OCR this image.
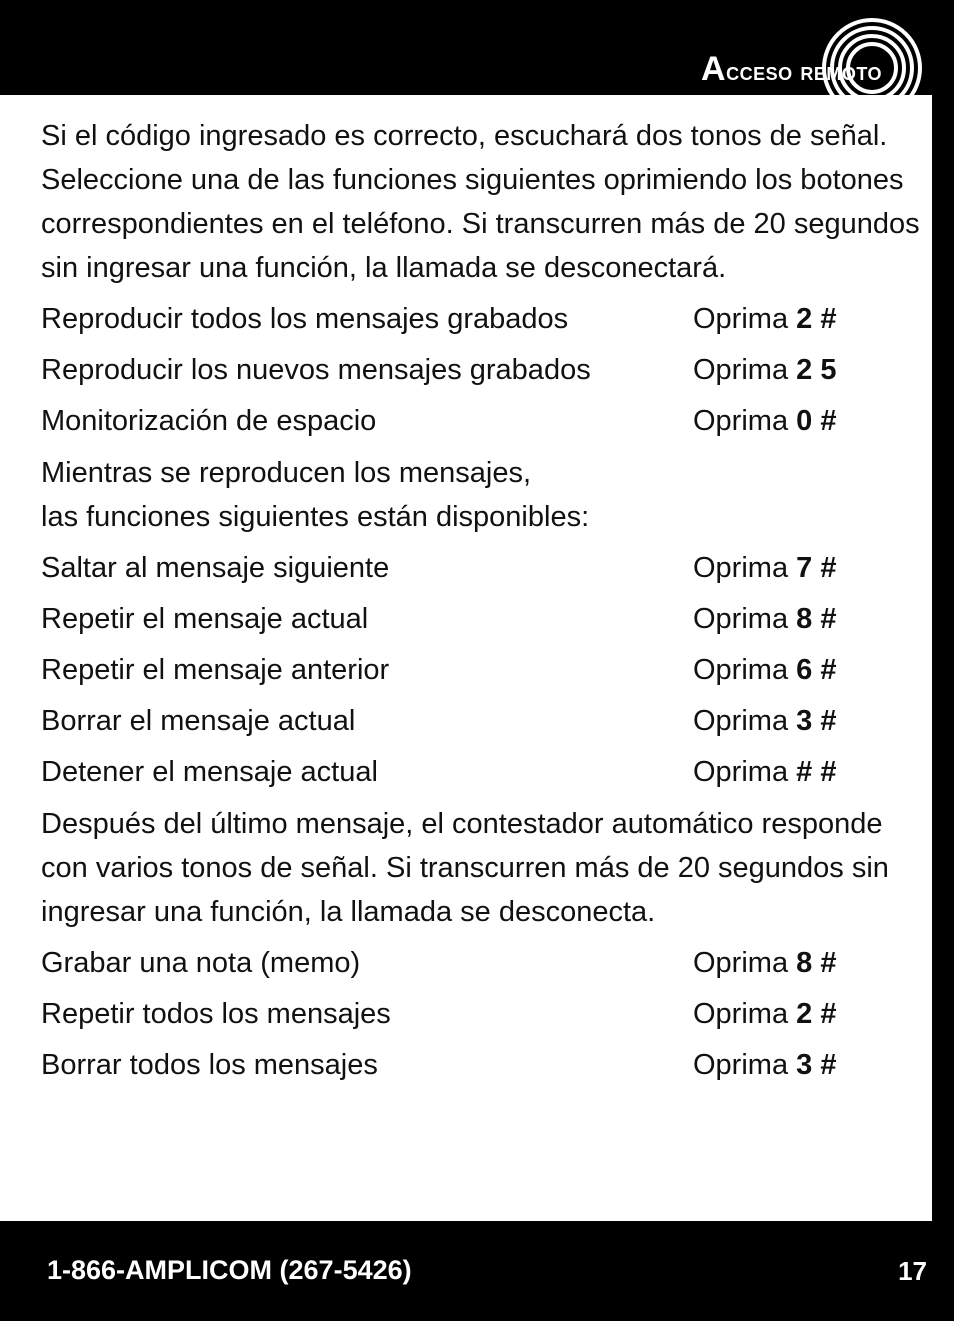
Acceso remoto

Si el código ingresado es correcto, escuchará dos tonos de señal. Seleccione una de las funciones siguientes oprimiendo los botones correspondientes en el teléfono. Si transcurren más de 20 segundos sin ingresar una función, la llamada se desconectará.

Reproducir todos los mensajes grabados	Oprima 2 #
Reproducir los nuevos mensajes grabados	Oprima 2 5
Monitorización de espacio	Oprima 0 #

Mientras se reproducen los mensajes,
las funciones siguientes están disponibles:

Saltar al mensaje siguiente	Oprima 7 #
Repetir el mensaje actual	Oprima 8 #
Repetir el mensaje anterior	Oprima 6 #
Borrar el mensaje actual	Oprima 3 #
Detener el mensaje actual	Oprima # #

Después del último mensaje, el contestador automático responde con varios tonos de señal. Si transcurren más de 20 segundos sin ingresar una función, la llamada se desconecta.

Grabar una nota (memo)	Oprima 8 #
Repetir todos los mensajes	Oprima 2 #
Borrar todos los mensajes	Oprima 3 #
1-866-AMPLICOM (267-5426)	17
